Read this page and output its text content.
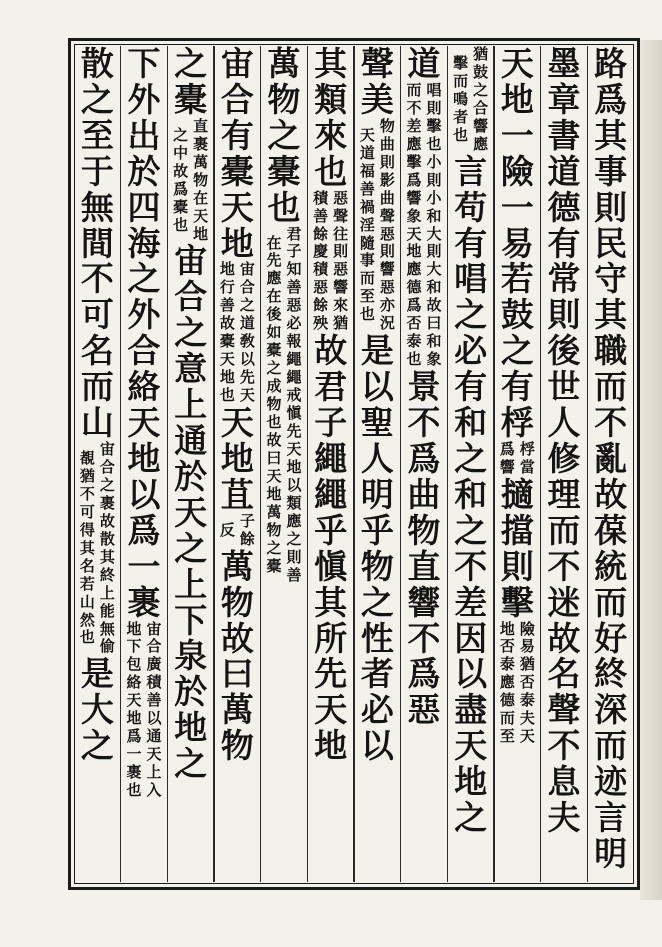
路
爲
其
事
則
民
守
其
職
而
不
亂
故
葆
統
而
好
終
深
而
迹
言
明
墨
章
書
道
德
有
常
則
後
世
人
修
理
而
不
迷
故
名
聲
不
息
夫
天
地
一
險
一
易
若
鼓
之
有
桴
桴
當
爲
響
擿
擋
則
擊
險
易
猶
否
泰
夫
天
地
否
泰
應
德
而
至
猶
鼓
之
合
響
應
擊
而
鳴
者
也
言
苟
有
唱
之
必
有
和
之
和
之
不
差
因
以
盡
天
地
之
道
唱
則
擊
也
小
則
小
和
大
則
大
和
故
曰
和
象
而
不
差
應
擊
爲
響
象
天
地
應
德
爲
否
泰
也
景
不
爲
曲
物
直
響
不
爲
惡
聲
美
物
曲
則
影
曲
聲
惡
則
響
惡
亦
況
天
道
福
善
禍
淫
隨
事
而
至
也
是
以
聖
人
明
乎
物
之
性
者
必
以
其
類
來
也
惡
聲
往
則
惡
響
來
猶
積
善
餘
慶
積
惡
餘
殃
故
君
子
繩
繩
乎
愼
其
所
先
天
地
萬
物
之
橐
也
君
子
知
善
惡
必
報
繩
繩
戒
愼
先
天
地
以
類
應
之
則
善
在
先
應
在
後
如
橐
之
成
物
也
故
曰
天
地
萬
物
之
橐
宙
合
有
橐
天
地
宙
合
之
道
敎
以
先
天
地
行
善
故
橐
天
地
也
天
地
苴
子
餘
反
萬
物
故
曰
萬
物
之
橐
直
裹
萬
物
在
天
地
之
中
故
爲
橐
也
宙
合
之
意
上
通
於
天
之
上
下
泉
於
地
之
下
外
出
於
四
海
之
外
合
絡
天
地
以
爲
一
裹
宙
合
廣
積
善
以
通
天
上
入
地
下
包
絡
天
地
爲
一
裹
也
散
之
至
于
無
間
不
可
名
而
山
宙
合
之
裹
故
散
其
終
上
能
無
偷
覩
猶
不
可
得
其
名
若
山
然
也
是
大
之
